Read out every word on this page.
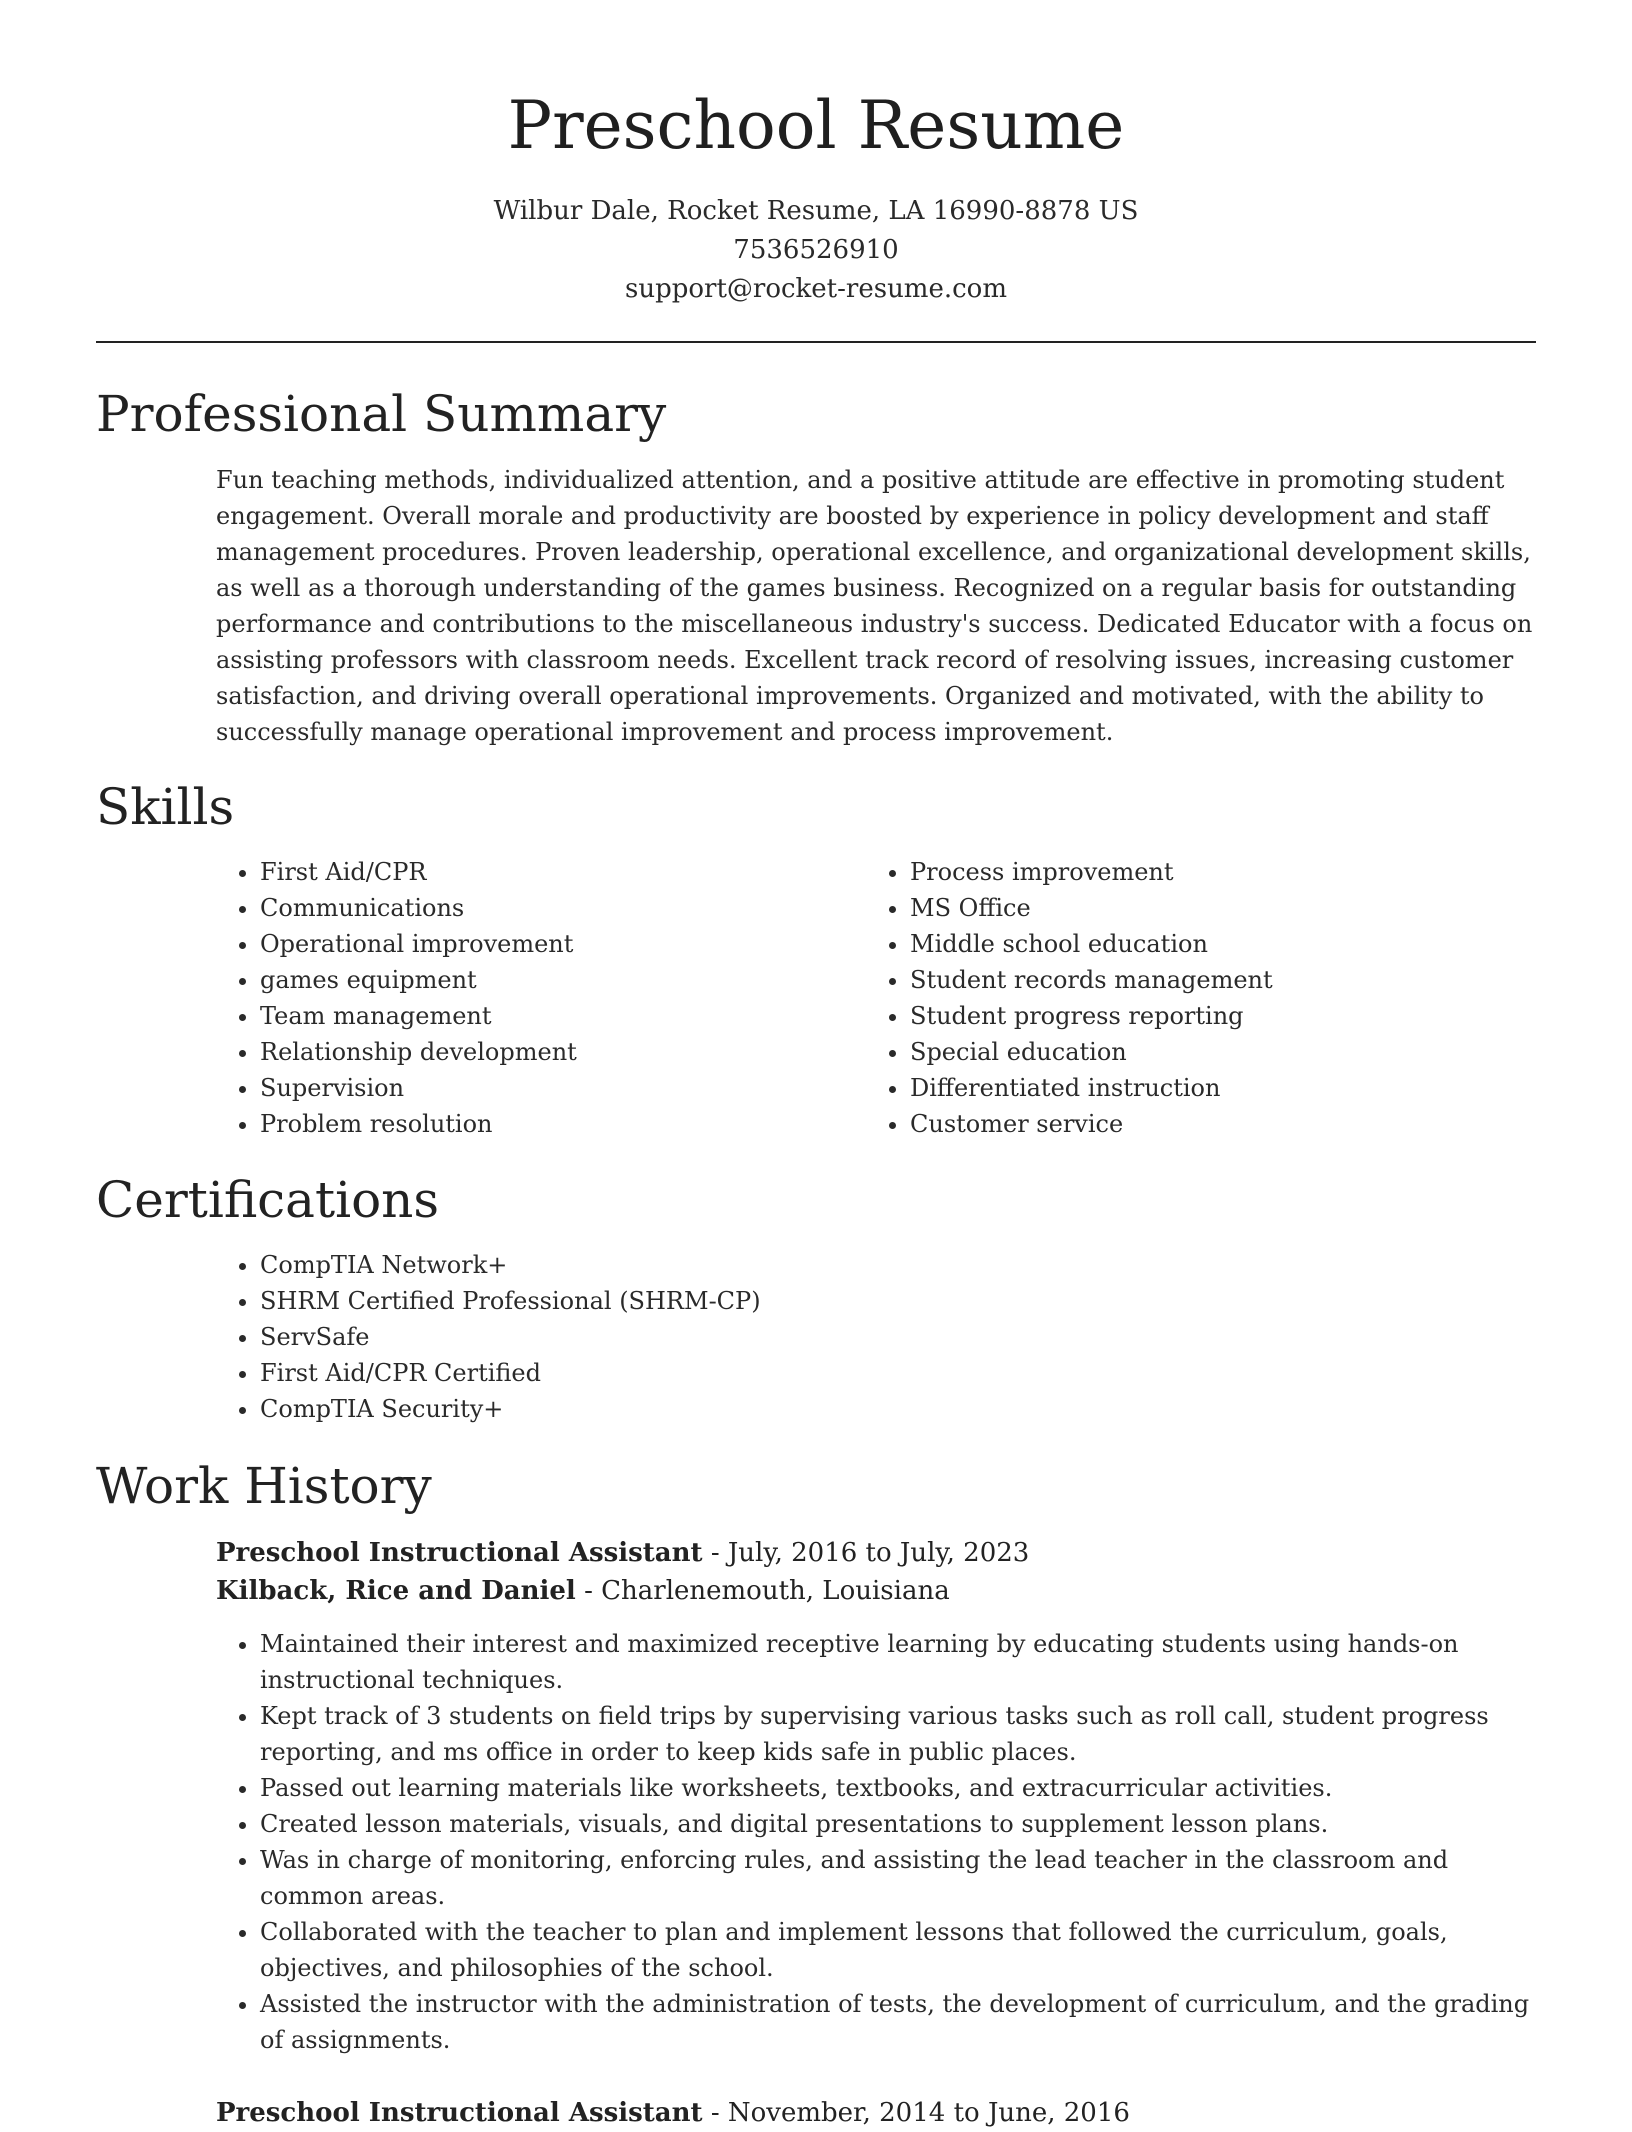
Preschool Resume
Wilbur Dale, Rocket Resume, LA 16990-8878 US
7536526910
support@rocket-resume.com
Professional Summary

Fun teaching methods, individualized attention, and a positive attitude are effective in promoting student engagement. Overall morale and productivity are boosted by experience in policy development and staff management procedures. Proven leadership, operational excellence, and organizational development skills, as well as a thorough understanding of the games business. Recognized on a regular basis for outstanding performance and contributions to the miscellaneous industry's success. Dedicated Educator with a focus on assisting professors with classroom needs. Excellent track record of resolving issues, increasing customer satisfaction, and driving overall operational improvements. Organized and motivated, with the ability to successfully manage operational improvement and process improvement.

Skills
• First Aid/CPR
• Communications
• Operational improvement
• games equipment
• Team management
• Relationship development
• Supervision
• Problem resolution
• Process improvement
• MS Office
• Middle school education
• Student records management
• Student progress reporting
• Special education
• Differentiated instruction
• Customer service
Certifications
• CompTIA Network+
• SHRM Certified Professional (SHRM-CP)
• ServSafe
• First Aid/CPR Certified
• CompTIA Security+
Work History
Preschool Instructional Assistant - July, 2016 to July, 2023
Kilback, Rice and Daniel - Charlenemouth, Louisiana
• Maintained their interest and maximized receptive learning by educating students using hands-on instructional techniques.
• Kept track of 3 students on field trips by supervising various tasks such as roll call, student progress reporting, and ms office in order to keep kids safe in public places.
• Passed out learning materials like worksheets, textbooks, and extracurricular activities.
• Created lesson materials, visuals, and digital presentations to supplement lesson plans.
• Was in charge of monitoring, enforcing rules, and assisting the lead teacher in the classroom and common areas.
• Collaborated with the teacher to plan and implement lessons that followed the curriculum, goals, objectives, and philosophies of the school.
• Assisted the instructor with the administration of tests, the development of curriculum, and the grading of assignments.
Preschool Instructional Assistant - November, 2014 to June, 2016
